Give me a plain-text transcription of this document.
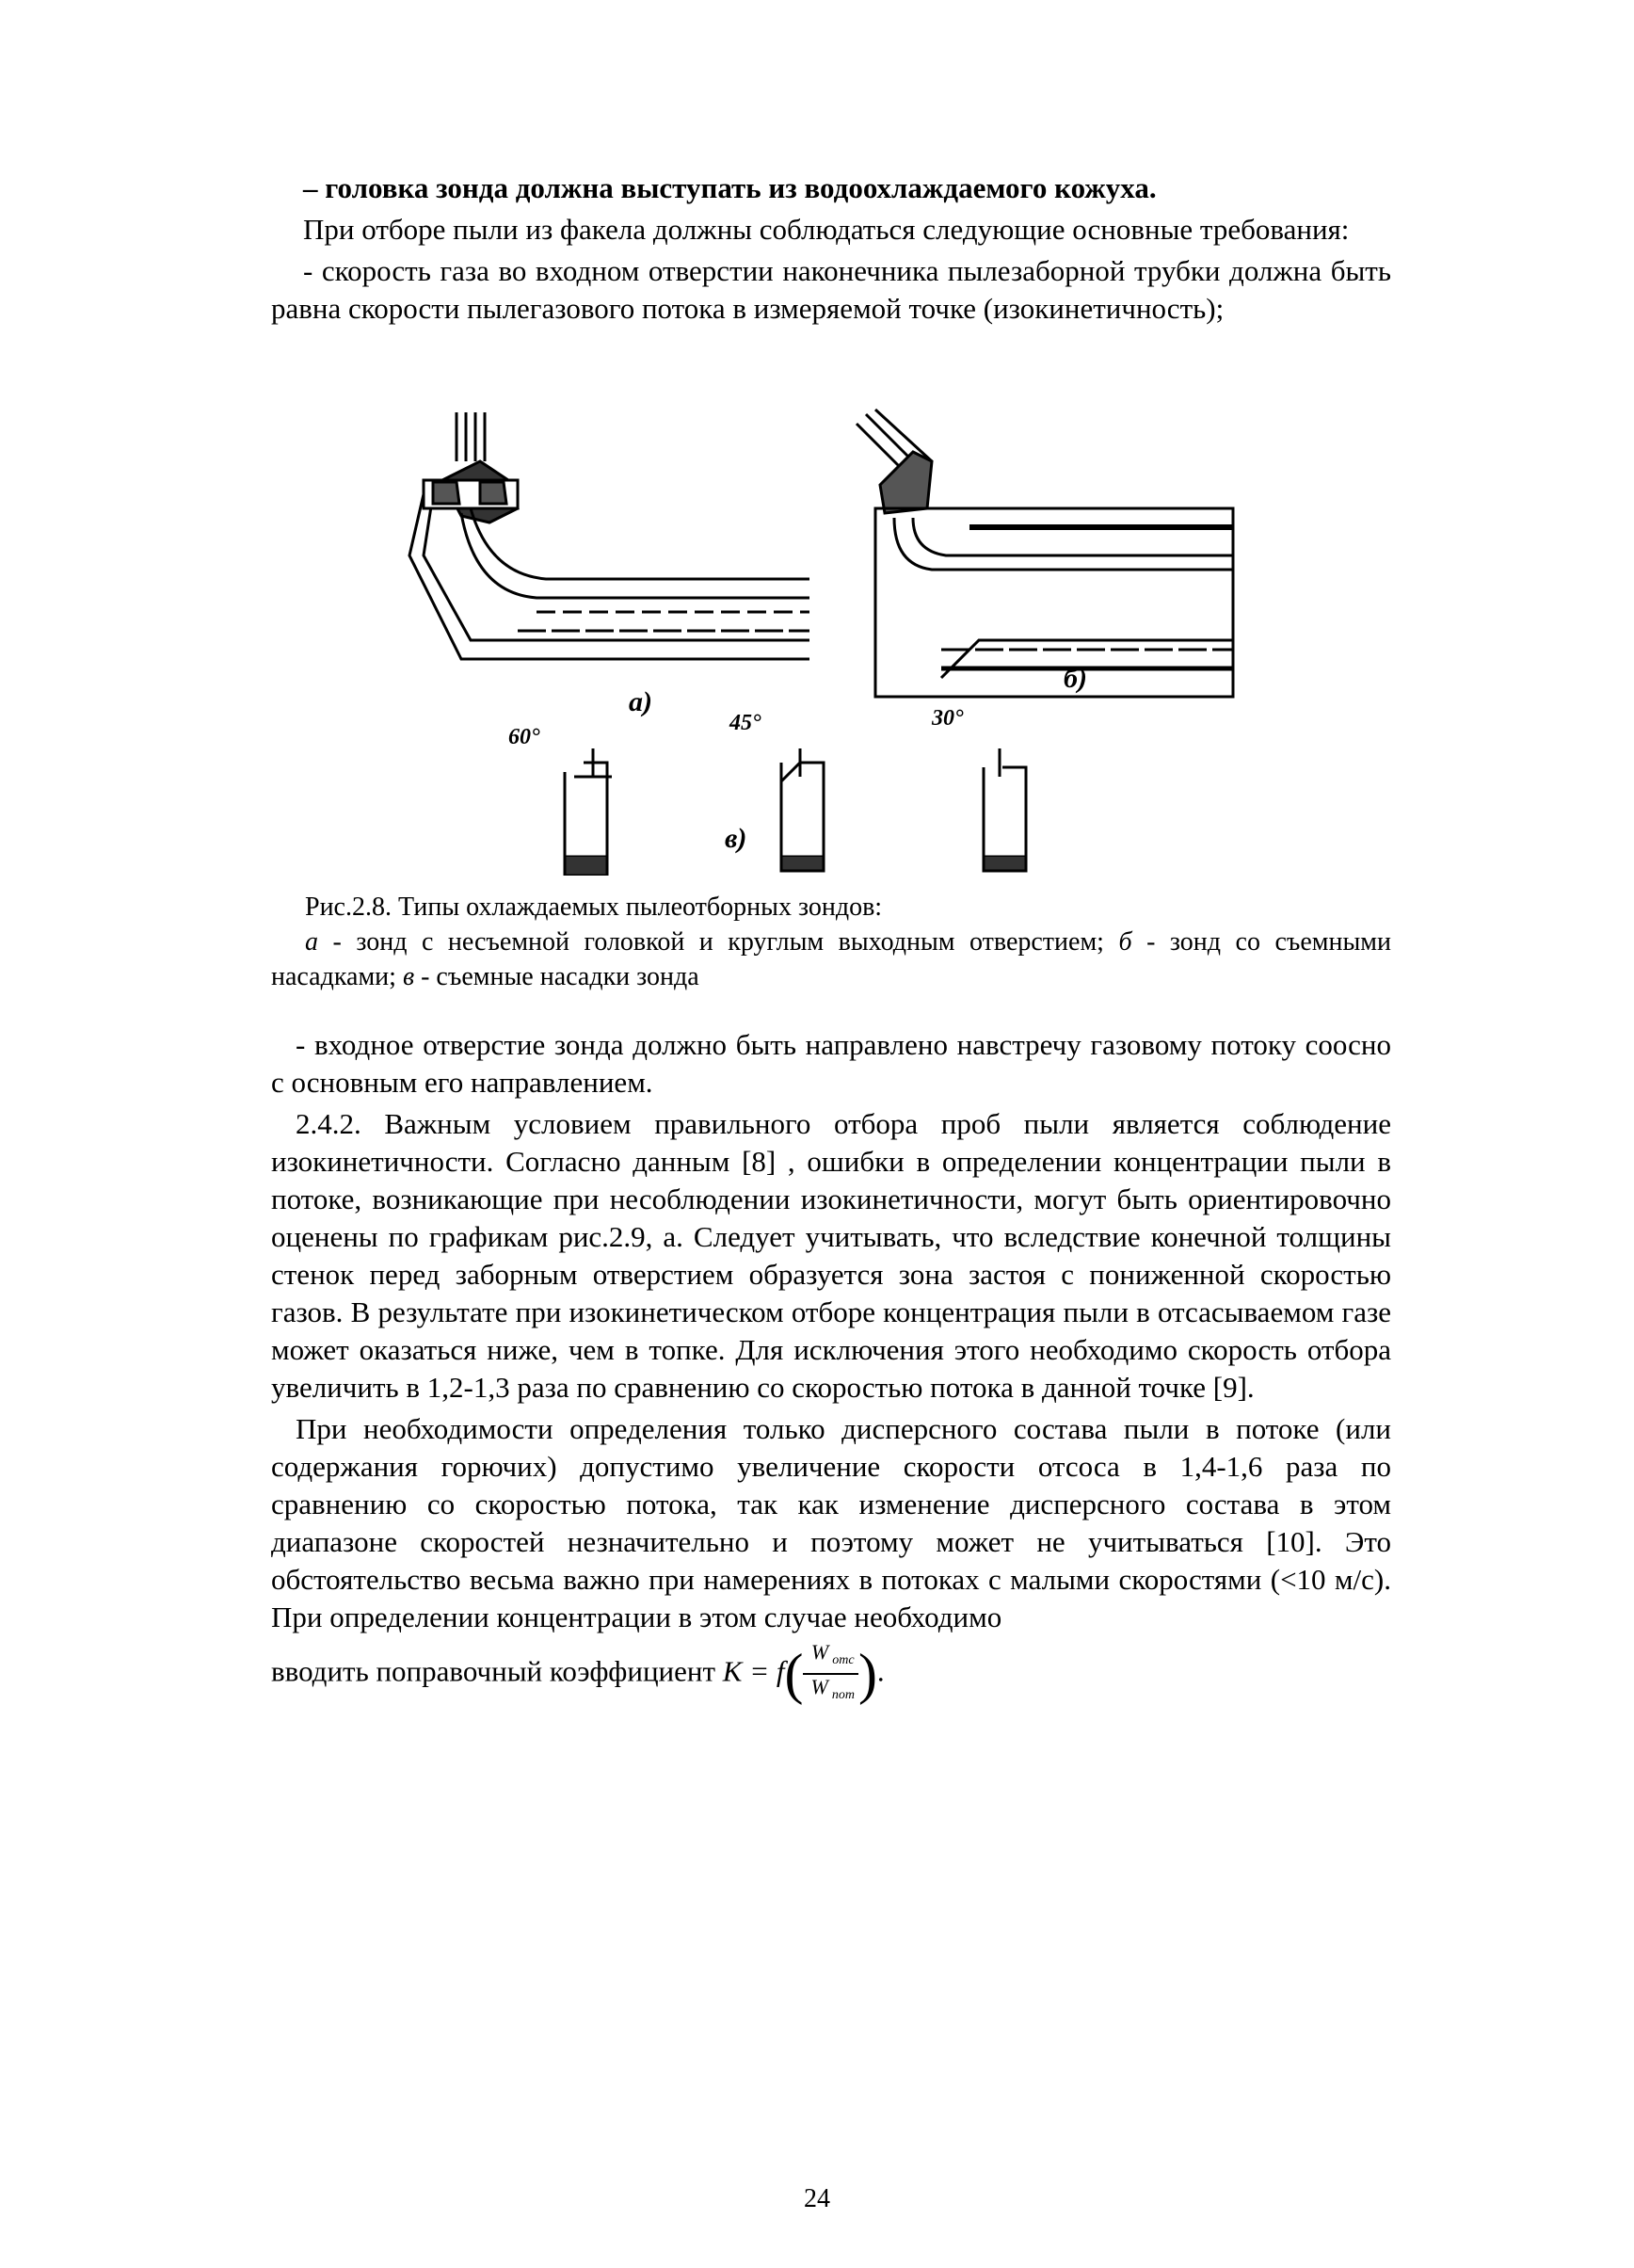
– головка зонда должна выступать из водоохлаждаемого кожуха.

При отборе пыли из факела должны соблюдаться следующие основные требования:

- скорость газа во входном отверстии наконечника пылезаборной трубки должна быть равна скорости пылегазового потока в измеряемой точке (изокинетичность);

а)
б)
в)
60°
45°	30°

Рис.2.8. Типы охлаждаемых пылеотборных зондов:

а - зонд с несъемной головкой и круглым выходным отверстием; б - зонд со съемными насадками; в - съемные насадки зонда

- входное отверстие зонда должно быть направлено навстречу газовому потоку соосно с основным его направлением.

2.4.2. Важным условием правильного отбора проб пыли является соблюдение изокинетичности. Согласно данным [8] , ошибки в определении концентрации пыли в потоке, возникающие при несоблюдении изокинетичности, могут быть ориентировочно оценены по графикам рис.2.9, а. Следует учитывать, что вследствие конечной толщины стенок перед заборным отверстием образуется зона застоя с пониженной скоростью газов. В результате при изокинетическом отборе концентрация пыли в отсасываемом газе может оказаться ниже, чем в топке. Для исключения этого необходимо скорость отбора увеличить в 1,2-1,3 раза по сравнению со скоростью потока в данной точке [9].

При необходимости определения только дисперсного состава пыли в потоке (или содержания горючих) допустимо увеличение скорости отсоса в 1,4-1,6 раза по сравнению со скоростью потока, так как изменение дисперсного состава в этом диапазоне скоростей незначительно и поэтому может не учитываться [10]. Это обстоятельство весьма важно при намерениях в потоках с малыми скоростями (<10 м/с). При определении концентрации в этом случае необходимо

вводить поправочный коэффициент $K = f( \frac{W _{отс}}{W _{пот}}$ ).

24
